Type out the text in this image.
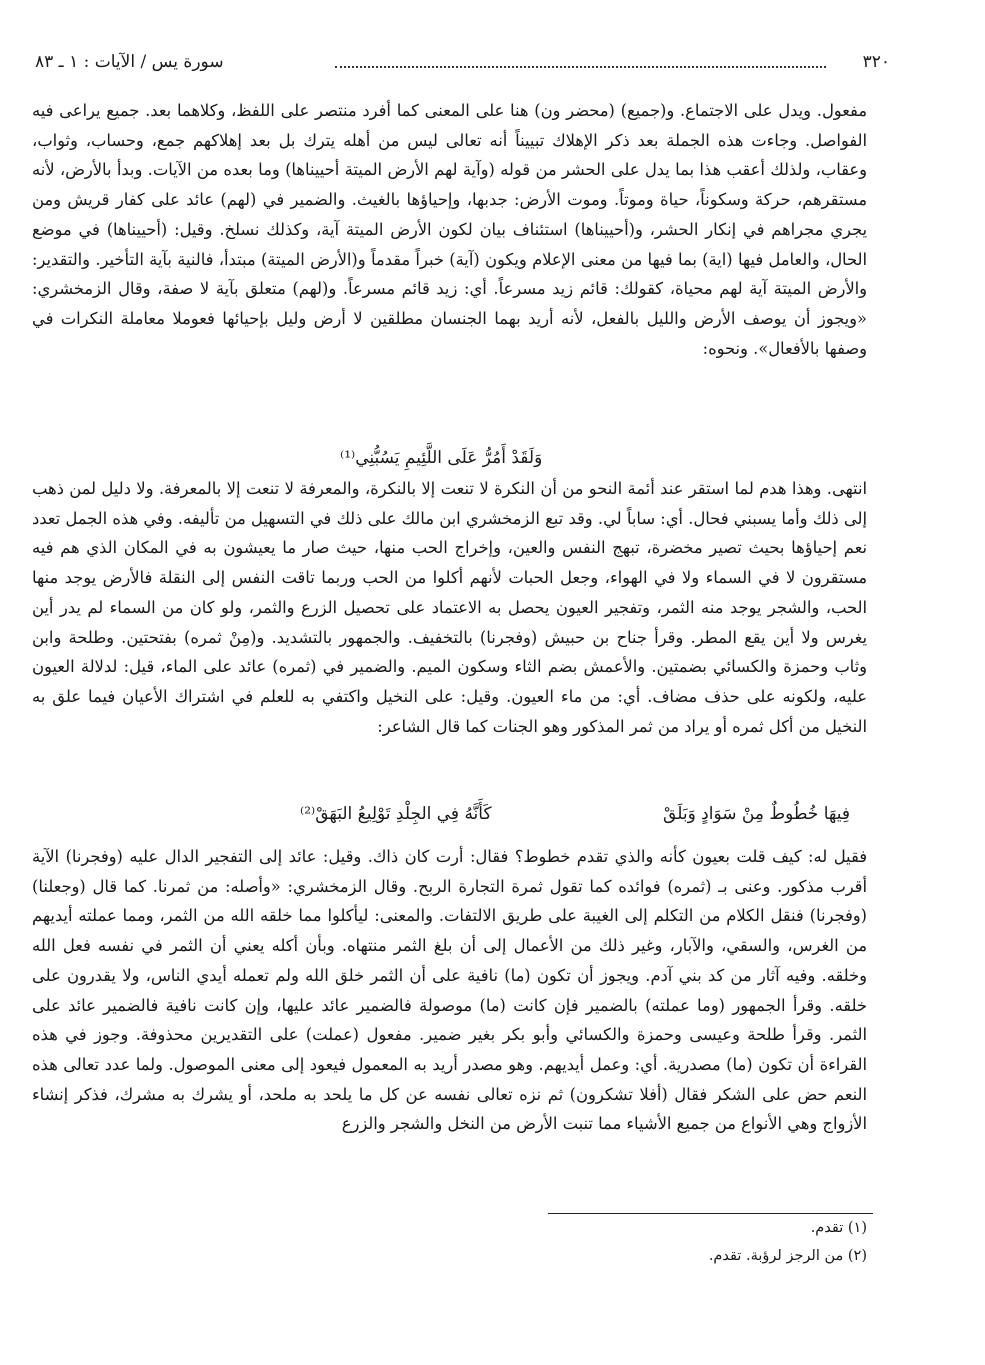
٣٢٠
سورة يس / الآيات : ١ ـ ٨٣

مفعول. ويدل على الاجتماع. و(جميع) (محضر ون) هنا على المعنى كما أفرد منتصر على اللفظ، وكلاهما بعد. جميع يراعى فيه الفواصل. وجاءت هذه الجملة بعد ذكر الإهلاك تبييناً أنه تعالى ليس من أهله يترك بل بعد إهلاكهم جمع، وحساب، وثواب، وعقاب، ولذلك أعقب هذا بما يدل على الحشر من قوله (وآية لهم الأرض الميتة أحييناها) وما بعده من الآيات. وبدأ بالأرض، لأنه مستقرهم، حركة وسكوناً، حياة وموتاً. وموت الأرض: جدبها، وإحياؤها بالغيث. والضمير في (لهم) عائد على كفار قريش ومن يجري مجراهم في إنكار الحشر، و(أحييناها) استئناف بيان لكون الأرض الميتة آية، وكذلك نسلخ. وقيل: (أحييناها) في موضع الحال، والعامل فيها (اية) بما فيها من معنى الإعلام ويكون (آية) خبراً مقدماً و(الأرض الميتة) مبتدأ، فالنية بآية التأخير. والتقدير: والأرض الميتة آية لهم محياة، كقولك: قائم زيد مسرعاً. أي: زيد قائم مسرعاً. و(لهم) متعلق بآية لا صفة، وقال الزمخشري: «ويجوز أن يوصف الأرض والليل بالفعل، لأنه أريد بهما الجنسان مطلقين لا أرض وليل بإحيائها فعوملا معاملة النكرات في وصفها بالأفعال». ونحوه:

وَلَقَدْ أَمُرُّ عَلَى اللَّئِيمِ يَسُبُّنِي⁽¹⁾

انتهى. وهذا هدم لما استقر عند أئمة النحو من أن النكرة لا تنعت إلا بالنكرة، والمعرفة لا تنعت إلا بالمعرفة. ولا دليل لمن ذهب إلى ذلك وأما يسبني فحال. أي: ساباً لي. وقد تبع الزمخشري ابن مالك على ذلك في التسهيل من تأليفه. وفي هذه الجمل تعدد نعم إحياؤها بحيث تصير مخضرة، تبهج النفس والعين، وإخراج الحب منها، حيث صار ما يعيشون به في المكان الذي هم فيه مستقرون لا في السماء ولا في الهواء، وجعل الحبات لأنهم أكلوا من الحب وربما تاقت النفس إلى النقلة فالأرض يوجد منها الحب، والشجر يوجد منه الثمر، وتفجير العيون يحصل به الاعتماد على تحصيل الزرع والثمر، ولو كان من السماء لم يدر أين يغرس ولا أين يقع المطر. وقرأ جناح بن حبيش (وفجرنا) بالتخفيف. والجمهور بالتشديد. و(مِنْ ثمره) بفتحتين. وطلحة وابن وثاب وحمزة والكسائي بضمتين. والأعمش بضم الثاء وسكون الميم. والضمير في (ثمره) عائد على الماء، قيل: لدلالة العيون عليه، ولكونه على حذف مضاف. أي: من ماء العيون. وقيل: على النخيل واكتفي به للعلم في اشتراك الأعيان فيما علق به النخيل من أكل ثمره أو يراد من ثمر المذكور وهو الجنات كما قال الشاعر:

فِيهَا خُطُوطٌ مِنْ سَوَادٍ وَبَلَقْ

كَأَنَّهُ فِي الجِلْدِ تَوْلِيعُ البَهَقْ⁽²⁾

فقيل له: كيف قلت بعيون كأنه والذي تقدم خطوط؟ فقال: أرت كان ذاك. وقيل: عائد إلى التفجير الدال عليه (وفجرنا) الآية أقرب مذكور. وعنى بـ (ثمره) فوائده كما تقول ثمرة التجارة الربح. وقال الزمخشري: «وأصله: من ثمرنا. كما قال (وجعلنا) (وفجرنا) فنقل الكلام من التكلم إلى الغيبة على طريق الالتفات. والمعنى: ليأكلوا مما خلقه الله من الثمر، ومما عملته أيديهم من الغرس، والسقي، والآبار، وغير ذلك من الأعمال إلى أن بلغ الثمر منتهاه. وبأن أكله يعني أن الثمر في نفسه فعل الله وخلقه. وفيه آثار من كد بني آدم. ويجوز أن تكون (ما) نافية على أن الثمر خلق الله ولم تعمله أيدي الناس، ولا يقدرون على خلقه. وقرأ الجمهور (وما عملته) بالضمير فإن كانت (ما) موصولة فالضمير عائد عليها، وإن كانت نافية فالضمير عائد على الثمر. وقرأ طلحة وعيسى وحمزة والكسائي وأبو بكر بغير ضمير. مفعول (عملت) على التقديرين محذوفة. وجوز في هذه القراءة أن تكون (ما) مصدرية. أي: وعمل أيديهم. وهو مصدر أريد به المعمول فيعود إلى معنى الموصول. ولما عدد تعالى هذه النعم حض على الشكر فقال (أفلا تشكرون) ثم نزه تعالى نفسه عن كل ما يلحد به ملحد، أو يشرك به مشرك، فذكر إنشاء الأزواج وهي الأنواع من جميع الأشياء مما تنبت الأرض من النخل والشجر والزرع

(١) تقدم.

(٢) من الرجز لرؤبة. تقدم.
